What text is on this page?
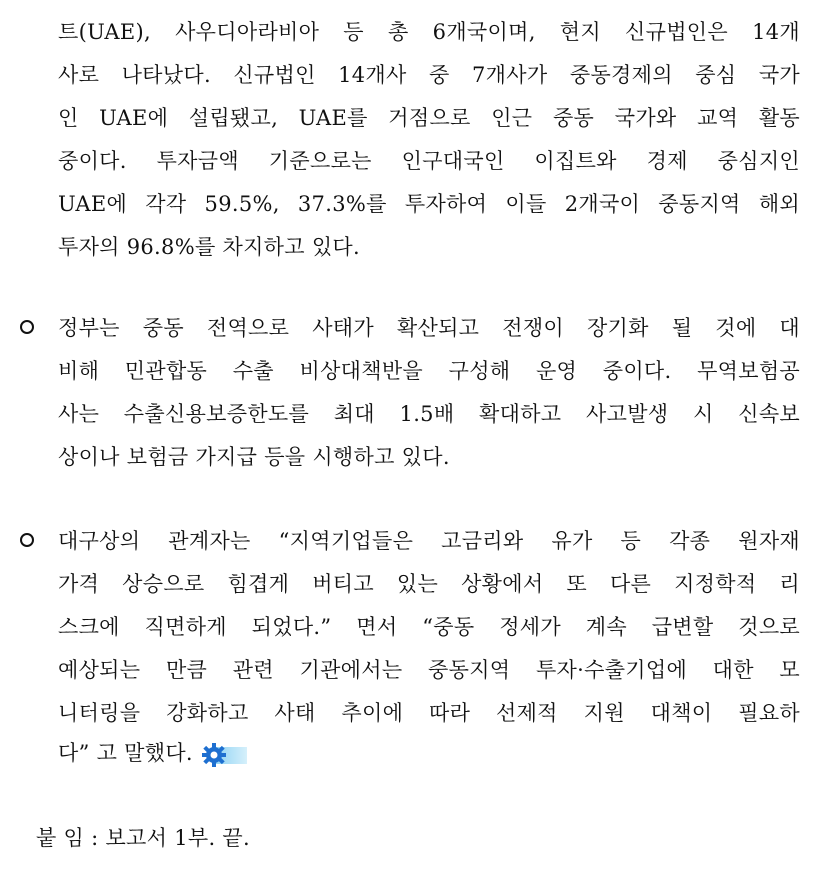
트(UAE), 사우디아라비아 등 총 6개국이며, 현지 신규법인은 14개
사로 나타났다. 신규법인 14개사 중 7개사가 중동경제의 중심 국가
인 UAE에 설립됐고, UAE를 거점으로 인근 중동 국가와 교역 활동
중이다. 투자금액 기준으로는 인구대국인 이집트와 경제 중심지인
UAE에 각각 59.5%, 37.3%를 투자하여 이들 2개국이 중동지역 해외
투자의 96.8%를 차지하고 있다.
정부는 중동 전역으로 사태가 확산되고 전쟁이 장기화 될 것에 대
비해 민관합동 수출 비상대책반을 구성해 운영 중이다. 무역보험공
사는 수출신용보증한도를 최대 1.5배 확대하고 사고발생 시 신속보
상이나 보험금 가지급 등을 시행하고 있다.
대구상의 관계자는 “지역기업들은 고금리와 유가 등 각종 원자재
가격 상승으로 힘겹게 버티고 있는 상황에서 또 다른 지정학적 리
스크에 직면하게 되었다.” 면서 “중동 정세가 계속 급변할 것으로
예상되는 만큼 관련 기관에서는 중동지역 투자·수출기업에 대한 모
니터링을 강화하고 사태 추이에 따라 선제적 지원 대책이 필요하
다” 고 말했다.
붙 임 : 보고서 1부. 끝.
